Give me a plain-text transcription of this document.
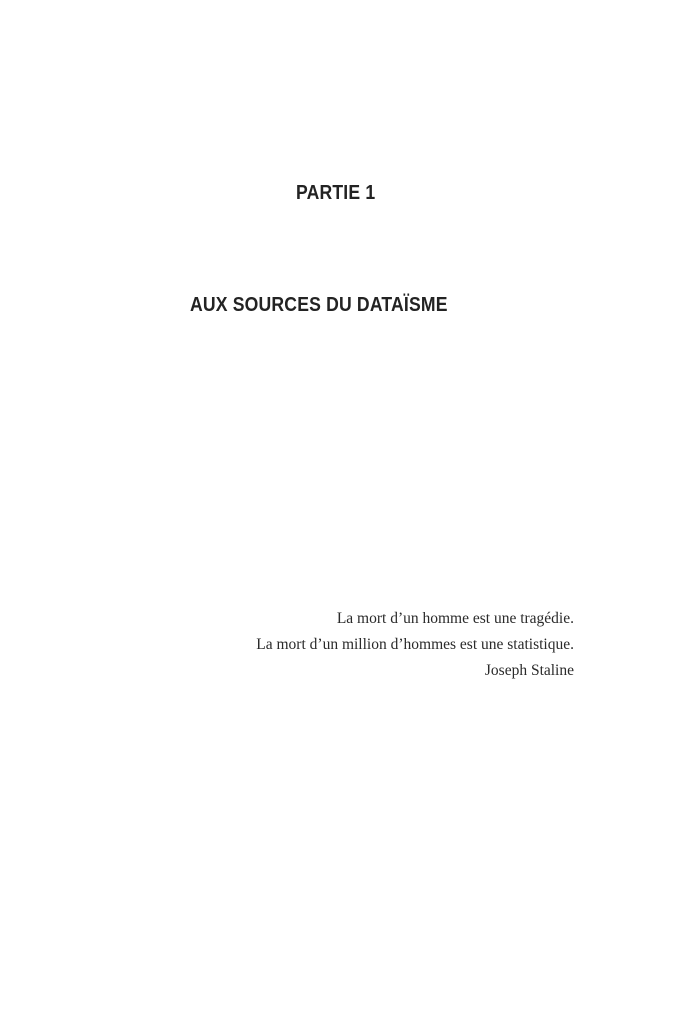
PARTIE 1
AUX SOURCES DU DATAÏSME
La mort d’un homme est une tragédie.
La mort d’un million d’hommes est une statistique.
Joseph Staline
